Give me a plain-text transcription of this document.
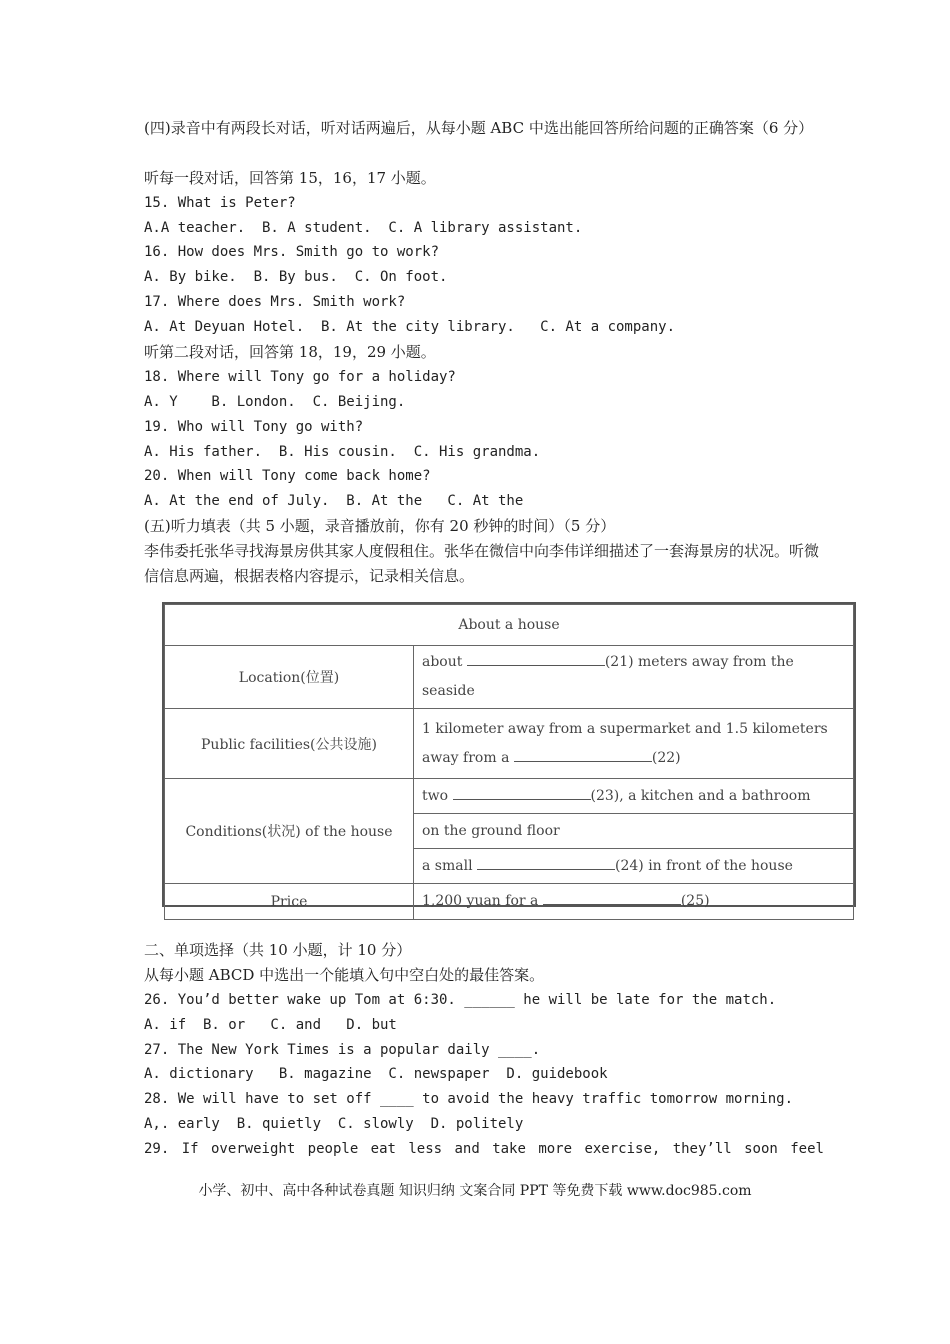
(四)录音中有两段长对话，听对话两遍后，从每小题 ABC 中选出能回答所给问题的正确答案（6 分）
听每一段对话，回答第 15，16，17 小题。
15. What is Peter?
A.A teacher.  B. A student.  C. A library assistant.
16. How does Mrs. Smith go to work?
A. By bike.  B. By bus.  C. On foot.
17. Where does Mrs. Smith work?
A. At Deyuan Hotel.  B. At the city library.   C. At a company.
听第二段对话，回答第 18，19，29 小题。
18. Where will Tony go for a holiday?
A. Y    B. London.  C. Beijing.
19. Who will Tony go with?
A. His father.  B. His cousin.  C. His grandma.
20. When will Tony come back home?
A. At the end of July.  B. At the   C. At the
(五)听力填表（共 5 小题，录音播放前，你有 20 秒钟的时间）（5 分）
李伟委托张华寻找海景房供其家人度假租住。张华在微信中向李伟详细描述了一套海景房的状况。听微信信息两遍，根据表格内容提示，记录相关信息。
About a house	
Location(位置)	about (21) meters away from the seaside
Public facilities(公共设施)	1 kilometer away from a supermarket and 1.5 kilometers away from a (22)
Conditions(状况) of the house	two (23), a kitchen and a bathroom
	on the ground floor
	a small (24) in front of the house
Price	1,200 yuan for a (25)
二、单项选择（共 10 小题，计 10 分）
从每小题 ABCD 中选出一个能填入句中空白处的最佳答案。
26. You’d better wake up Tom at 6:30. ______ he will be late for the match.
A. if  B. or   C. and   D. but
27. The New York Times is a popular daily ____.
A. dictionary   B. magazine  C. newspaper  D. guidebook
28. We will have to set off ____ to avoid the heavy traffic tomorrow morning.
A,. early  B. quietly  C. slowly  D. politely
29. If overweight people eat less and take more exercise, they’ll soon feel
小学、初中、高中各种试卷真题 知识归纳 文案合同 PPT 等免费下载 www.doc985.com
